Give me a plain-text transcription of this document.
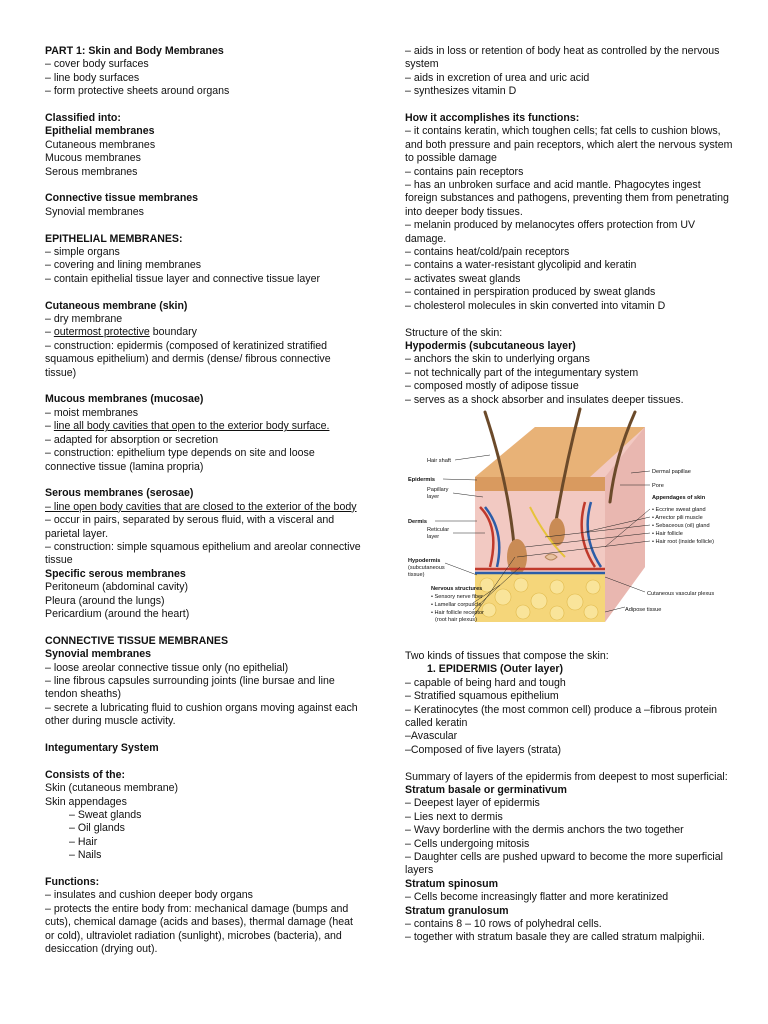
PART 1: Skin and Body Membranes
– cover body surfaces
– line body surfaces
– form protective sheets around organs
Classified into:
Epithelial membranes
Cutaneous membranes
Mucous membranes
Serous membranes
Connective tissue membranes
Synovial membranes
EPITHELIAL MEMBRANES:
– simple organs
– covering and lining membranes
– contain epithelial tissue layer and connective tissue layer
Cutaneous membrane (skin)
– dry membrane
– outermost protective boundary
– construction: epidermis (composed of keratinized stratified squamous epithelium) and dermis (dense/ fibrous connective tissue)
Mucous membranes (mucosae)
– moist membranes
– line all body cavities that open to the exterior body surface.
– adapted for absorption or secretion
– construction: epithelium type depends on site and loose connective tissue (lamina propria)
Serous membranes (serosae)
– line open body cavities that are closed to the exterior of the body
– occur in pairs, separated by serous fluid, with a visceral and parietal layer.
– construction: simple squamous epithelium and areolar connective tissue
Specific serous membranes
Peritoneum (abdominal cavity)
Pleura (around the lungs)
Pericardium (around the heart)
CONNECTIVE TISSUE MEMBRANES
Synovial membranes
– loose areolar connective tissue only (no epithelial)
– line fibrous capsules surrounding joints (line bursae and line tendon sheaths)
– secrete a lubricating fluid to cushion organs moving against each other during muscle activity.
Integumentary System
Consists of the:
Skin (cutaneous membrane)
Skin appendages
– Sweat glands
– Oil glands
– Hair
– Nails
Functions:
– insulates and cushion deeper body organs
– protects the entire body from: mechanical damage (bumps and cuts), chemical damage (acids and bases), thermal damage (heat or cold), ultraviolet radiation (sunlight), microbes (bacteria), and desiccation (drying out).
– aids in loss or retention of body heat as controlled by the nervous system
– aids in excretion of urea and uric acid
– synthesizes vitamin D
How it accomplishes its functions:
– it contains keratin, which toughen cells; fat cells to cushion blows, and both pressure and pain receptors, which alert the nervous system to possible damage
– contains pain receptors
– has an unbroken surface and acid mantle. Phagocytes ingest foreign substances and pathogens, preventing them from penetrating into deeper body tissues.
– melanin produced by melanocytes offers protection from UV damage.
– contains heat/cold/pain receptors
– contains a water-resistant glycolipid and keratin
– activates sweat glands
– contained in perspiration produced by sweat glands
– cholesterol molecules in skin converted into vitamin D
Structure of the skin:
Hypodermis (subcutaneous layer)
– anchors the skin to underlying organs
– not technically part of the integumentary system
– composed mostly of adipose tissue
– serves as a shock absorber and insulates deeper tissues.
Hair shaft
Epidermis
Papillary
layer
Dermis
Reticular
layer
Hypodermis
(subcutaneous
tissue)
Nervous structures
• Sensory nerve fiber
• Lamellar corpuscle
• Hair follicle receptor
(root hair plexus)
Dermal papillae
Pore
Appendages of skin
• Eccrine sweat gland
• Arrector pili muscle
• Sebaceous (oil) gland
• Hair follicle
• Hair root (inside follicle)
Cutaneous vascular plexus
Adipose tissue
Two kinds of tissues that compose the skin:
1. EPIDERMIS (Outer layer)
– capable of being hard and tough
– Stratified squamous epithelium
– Keratinocytes (the most common cell) produce a –fibrous protein called keratin
–Avascular
–Composed of five layers (strata)
Summary of layers of the epidermis from deepest to most superficial:
Stratum basale or germinativum
– Deepest layer of epidermis
– Lies next to dermis
– Wavy borderline with the dermis anchors the two together
– Cells undergoing mitosis
– Daughter cells are pushed upward to become the more superficial layers
Stratum spinosum
– Cells become increasingly flatter and more keratinized
Stratum granulosum
– contains 8 – 10 rows of polyhedral cells.
– together with stratum basale they are called stratum malpighii.
